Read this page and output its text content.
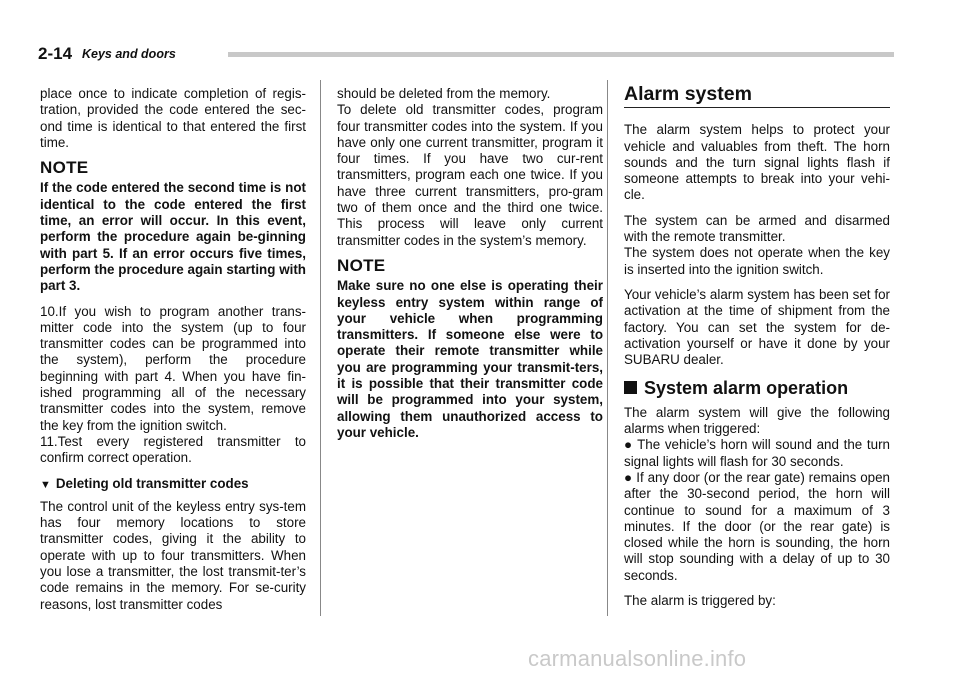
2-14 Keys and doors

place once to indicate completion of regis-tration, provided the code entered the sec-ond time is identical to that entered the first time.

NOTE
If the code entered the second time is not identical to the code entered the first time, an error will occur. In this event, perform the procedure again be-ginning with part 5. If an error occurs five times, perform the procedure again starting with part 3.

10.If you wish to program another trans-mitter code into the system (up to four transmitter codes can be programmed into the system), perform the procedure beginning with part 4. When you have fin-ished programming all of the necessary transmitter codes into the system, remove the key from the ignition switch.

11.Test every registered transmitter to confirm correct operation.

▼ Deleting old transmitter codes

The control unit of the keyless entry sys-tem has four memory locations to store transmitter codes, giving it the ability to operate with up to four transmitters. When you lose a transmitter, the lost transmit-ter’s code remains in the memory. For se-curity reasons, lost transmitter codes

should be deleted from the memory.

To delete old transmitter codes, program four transmitter codes into the system. If you have only one current transmitter, program it four times. If you have two cur-rent transmitters, program each one twice. If you have three current transmitters, pro-gram two of them once and the third one twice. This process will leave only current transmitter codes in the system’s memory.

NOTE
Make sure no one else is operating their keyless entry system within range of your vehicle when programming transmitters. If someone else were to operate their remote transmitter while you are programming your transmit-ters, it is possible that their transmitter code will be programmed into your system, allowing them unauthorized access to your vehicle.
Alarm system

The alarm system helps to protect your vehicle and valuables from theft. The horn sounds and the turn signal lights flash if someone attempts to break into your vehi-cle.

The system can be armed and disarmed with the remote transmitter.

The system does not operate when the key is inserted into the ignition switch.

Your vehicle’s alarm system has been set for activation at the time of shipment from the factory. You can set the system for de-activation yourself or have it done by your SUBARU dealer.

System alarm operation

The alarm system will give the following alarms when triggered:

● The vehicle’s horn will sound and the turn signal lights will flash for 30 seconds.

● If any door (or the rear gate) remains open after the 30-second period, the horn will continue to sound for a maximum of 3 minutes. If the door (or the rear gate) is closed while the horn is sounding, the horn will stop sounding with a delay of up to 30 seconds.

The alarm is triggered by:

carmanualsonline.info
